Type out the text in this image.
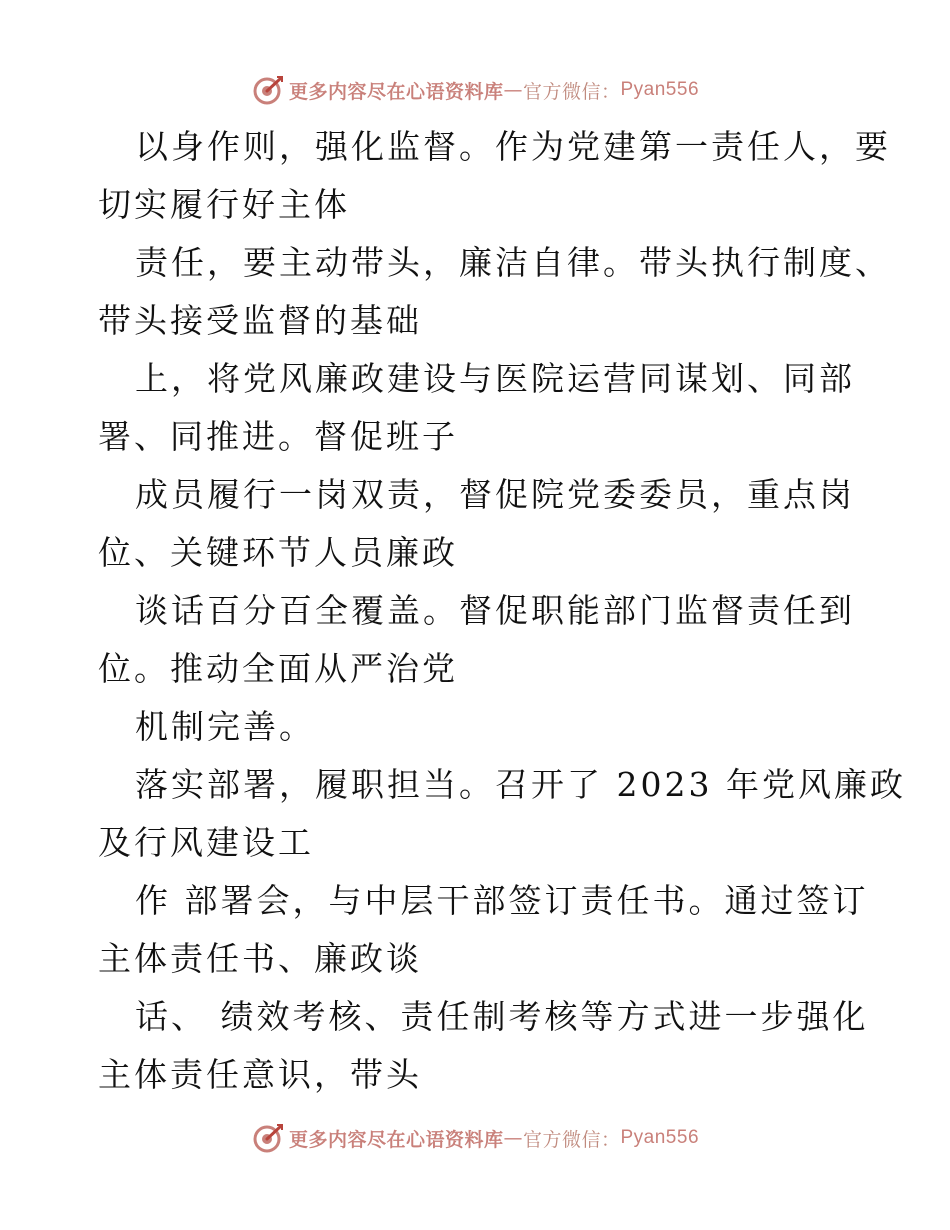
更多内容尽在心语资料库 — 官方微信： Pyan556
以身作则，强化监督。作为党建第一责任人，要
切实履行好主体
责任，要主动带头，廉洁自律。带头执行制度、
带头接受监督的基础
上，将党风廉政建设与医院运营同谋划、同部
署、同推进。督促班子
成员履行一岗双责，督促院党委委员，重点岗
位、关键环节人员廉政
谈话百分百全覆盖。督促职能部门监督责任到
位。推动全面从严治党
机制完善。
落实部署，履职担当。召开了 2023 年党风廉政
及行风建设工
作 部署会，与中层干部签订责任书。通过签订
主体责任书、廉政谈
话、 绩效考核、责任制考核等方式进一步强化
主体责任意识，带头
更多内容尽在心语资料库 — 官方微信： Pyan556
